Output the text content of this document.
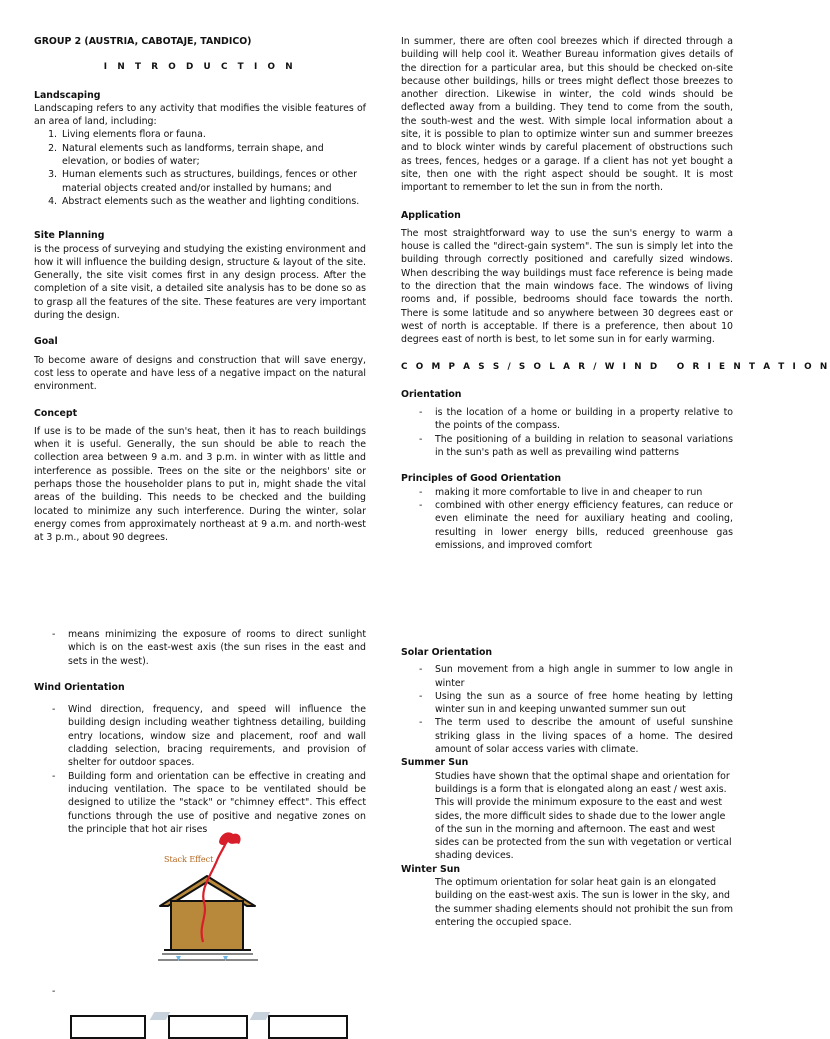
GROUP 2 (AUSTRIA, CABOTAJE, TANDICO)

I N T R O D U C T I O N

Landscaping

Landscaping refers to any activity that modifies the visible features of an area of land, including:

1. Living elements flora or fauna.
2. Natural elements such as landforms, terrain shape, and elevation, or bodies of water;
3. Human elements such as structures, buildings, fences or other material objects created and/or installed by humans; and
4. Abstract elements such as the weather and lighting conditions.

Site Planning

is the process of surveying and studying the existing environment and how it will influence the building design, structure & layout of the site. Generally, the site visit comes first in any design process. After the completion of a site visit, a detailed site analysis has to be done so as to grasp all the features of the site. These features are very important during the design.

Goal

To become aware of designs and construction that will save energy, cost less to operate and have less of a negative impact on the natural environment.

Concept

If use is to be made of the sun's heat, then it has to reach buildings when it is useful. Generally, the sun should be able to reach the collection area between 9 a.m. and 3 p.m. in winter with as little and interference as possible. Trees on the site or the neighbors' site or perhaps those the householder plans to put in, might shade the vital areas of the building. This needs to be checked and the building located to minimize any such interference. During the winter, solar energy comes from approximately northeast at 9 a.m. and north-west at 3 p.m., about 90 degrees.

In summer, there are often cool breezes which if directed through a building will help cool it. Weather Bureau information gives details of the direction for a particular area, but this should be checked on-site because other buildings, hills or trees might deflect those breezes to another direction. Likewise in winter, the cold winds should be deflected away from a building. They tend to come from the south, the south-west and the west. With simple local information about a site, it is possible to plan to optimize winter sun and summer breezes and to block winter winds by careful placement of obstructions such as trees, fences, hedges or a garage. If a client has not yet bought a site, then one with the right aspect should be sought. It is most important to remember to let the sun in from the north.

Application

The most straightforward way to use the sun's energy to warm a house is called the "direct-gain system". The sun is simply let into the building through correctly positioned and carefully sized windows. When describing the way buildings must face reference is being made to the direction that the main windows face. The windows of living rooms and, if possible, bedrooms should face towards the north. There is some latitude and so anywhere between 30 degrees east or west of north is acceptable. If there is a preference, then about 10 degrees east of north is best, to let some sun in for early warming.

C O M P A S S / S O L A R / W I N D   O R I E N T A T I O N

Orientation

- is the location of a home or building in a property relative to the points of the compass.
- The positioning of a building in relation to seasonal variations in the sun's path as well as prevailing wind patterns

Principles of Good Orientation

- making it more comfortable to live in and cheaper to run
- combined with other energy efficiency features, can reduce or even eliminate the need for auxiliary heating and cooling, resulting in lower energy bills, reduced greenhouse gas emissions, and improved comfort
- means minimizing the exposure of rooms to direct sunlight which is on the east-west axis (the sun rises in the east and sets in the west).

Wind Orientation

- Wind direction, frequency, and speed will influence the building design including weather tightness detailing, building entry locations, window size and placement, roof and wall cladding selection, bracing requirements, and provision of shelter for outdoor spaces.
- Building form and orientation can be effective in creating and inducing ventilation. The space to be ventilated should be designed to utilize the "stack" or "chimney effect". This effect functions through the use of positive and negative zones on the principle that hot air rises
Stack Effect

-

Solar Orientation

- Sun movement from a high angle in summer to low angle in winter
- Using the sun as a source of free home heating by letting winter sun in and keeping unwanted summer sun out
- The term used to describe the amount of useful sunshine striking glass in the living spaces of a home. The desired amount of solar access varies with climate.

Summer Sun

Studies have shown that the optimal shape and orientation for buildings is a form that is elongated along an east / west axis. This will provide the minimum exposure to the east and west sides, the more difficult sides to shade due to the lower angle of the sun in the morning and afternoon. The east and west sides can be protected from the sun with vegetation or vertical shading devices.

Winter Sun

The optimum orientation for solar heat gain is an elongated building on the east-west axis. The sun is lower in the sky, and the summer shading elements should not prohibit the sun from entering the occupied space.
